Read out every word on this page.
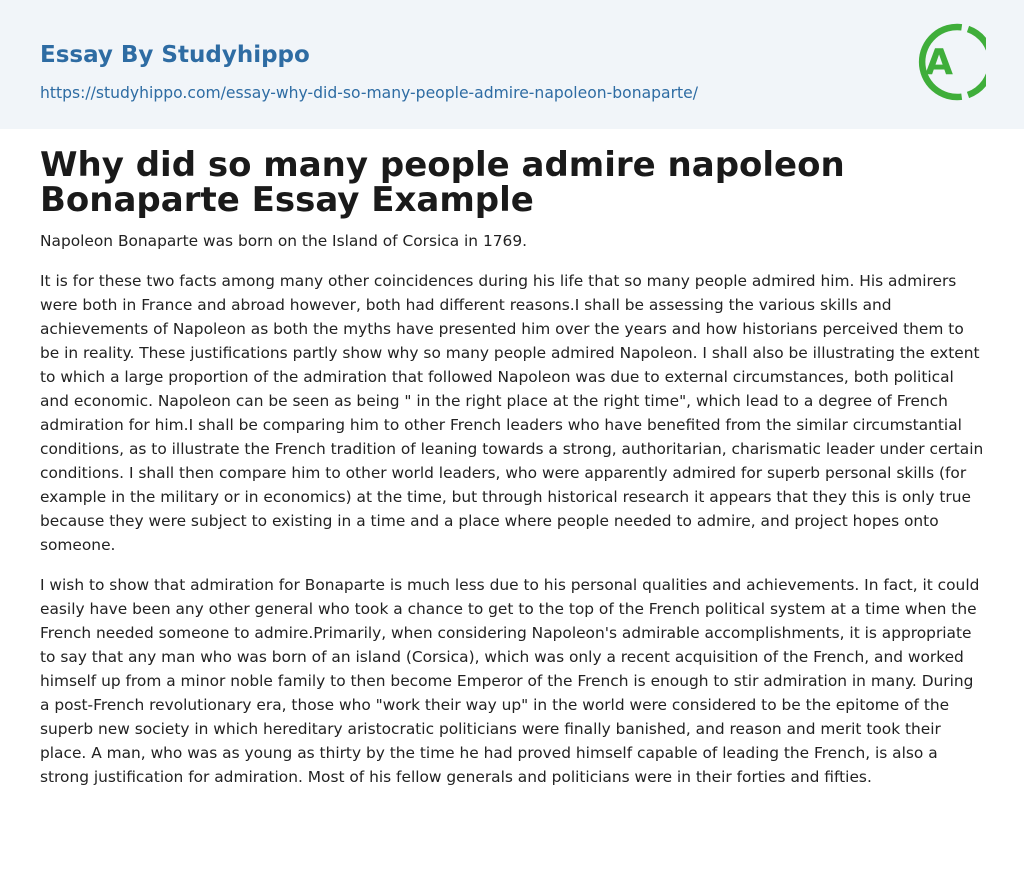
Essay By Studyhippo
https://studyhippo.com/essay-why-did-so-many-people-admire-napoleon-bonaparte/
A
Why did so many people admire napoleon Bonaparte Essay Example

Napoleon Bonaparte was born on the Island of Corsica in 1769.

It is for these two facts among many other coincidences during his life that so many people admired him. His admirers were both in France and abroad however, both had different reasons.I shall be assessing the various skills and achievements of Napoleon as both the myths have presented him over the years and how historians perceived them to be in reality. These justifications partly show why so many people admired Napoleon. I shall also be illustrating the extent to which a large proportion of the admiration that followed Napoleon was due to external circumstances, both political and economic. Napoleon can be seen as being " in the right place at the right time", which lead to a degree of French admiration for him.I shall be comparing him to other French leaders who have benefited from the similar circumstantial conditions, as to illustrate the French tradition of leaning towards a strong, authoritarian, charismatic leader under certain conditions. I shall then compare him to other world leaders, who were apparently admired for superb personal skills (for example in the military or in economics) at the time, but through historical research it appears that they this is only true because they were subject to existing in a time and a place where people needed to admire, and project hopes onto someone.

I wish to show that admiration for Bonaparte is much less due to his personal qualities and achievements. In fact, it could easily have been any other general who took a chance to get to the top of the French political system at a time when the French needed someone to admire.Primarily, when considering Napoleon's admirable accomplishments, it is appropriate to say that any man who was born of an island (Corsica), which was only a recent acquisition of the French, and worked himself up from a minor noble family to then become Emperor of the French is enough to stir admiration in many. During a post-French revolutionary era, those who "work their way up" in the world were considered to be the epitome of the superb new society in which hereditary aristocratic politicians were finally banished, and reason and merit took their place. A man, who was as young as thirty by the time he had proved himself capable of leading the French, is also a strong justification for admiration. Most of his fellow generals and politicians were in their forties and fifties.
